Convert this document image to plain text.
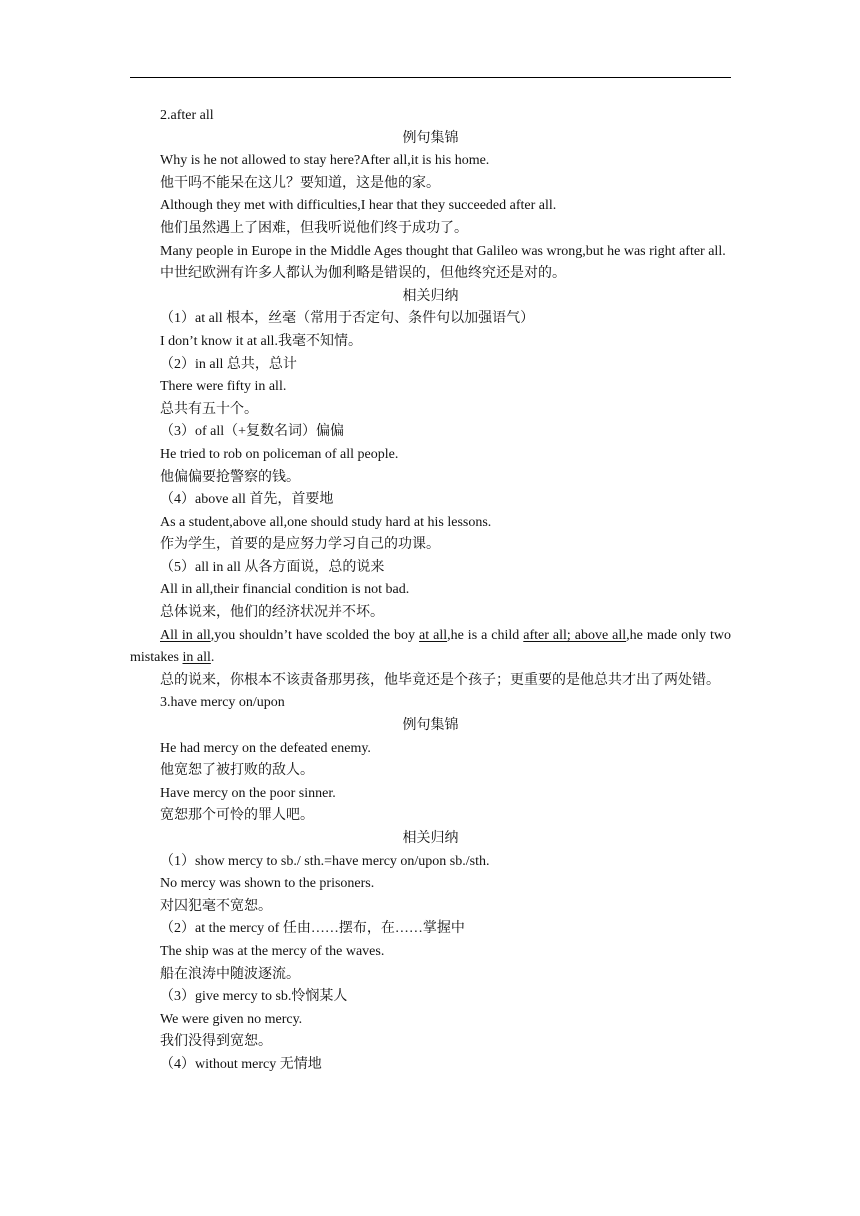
2.after all
例句集锦
Why is he not allowed to stay here?After all,it is his home.
他干吗不能呆在这儿？要知道，这是他的家。
Although they met with difficulties,I hear that they succeeded after all.
他们虽然遇上了困难，但我听说他们终于成功了。
Many people in Europe in the Middle Ages thought that Galileo was wrong,but he was right after all.
中世纪欧洲有许多人都认为伽利略是错误的，但他终究还是对的。
相关归纳
（1）at all 根本，丝毫（常用于否定句、条件句以加强语气）
I don’t know it at all.我毫不知情。
（2）in all 总共，总计
There were fifty in all.
总共有五十个。
（3）of all（+复数名词）偏偏
He tried to rob on policeman of all people.
他偏偏要抢警察的钱。
（4）above all 首先，首要地
As a student,above all,one should study hard at his lessons.
作为学生，首要的是应努力学习自己的功课。
（5）all in all 从各方面说，总的说来
All in all,their financial condition is not bad.
总体说来，他们的经济状况并不坏。
All in all,you shouldn’t have scolded the boy at all,he is a child after all; above all,he made only two mistakes in all.
总的说来，你根本不该责备那男孩，他毕竟还是个孩子；更重要的是他总共才出了两处错。
3.have mercy on/upon
例句集锦
He had mercy on the defeated enemy.
他宽恕了被打败的敌人。
Have mercy on the poor sinner.
宽恕那个可怜的罪人吧。
相关归纳
（1）show mercy to sb./ sth.=have mercy on/upon sb./sth.
No mercy was shown to the prisoners.
对囚犯毫不宽恕。
（2）at the mercy of 任由……摆布，在……掌握中
The ship was at the mercy of the waves.
船在浪涛中随波逐流。
（3）give mercy to sb.怜悯某人
We were given no mercy.
我们没得到宽恕。
（4）without mercy 无情地
